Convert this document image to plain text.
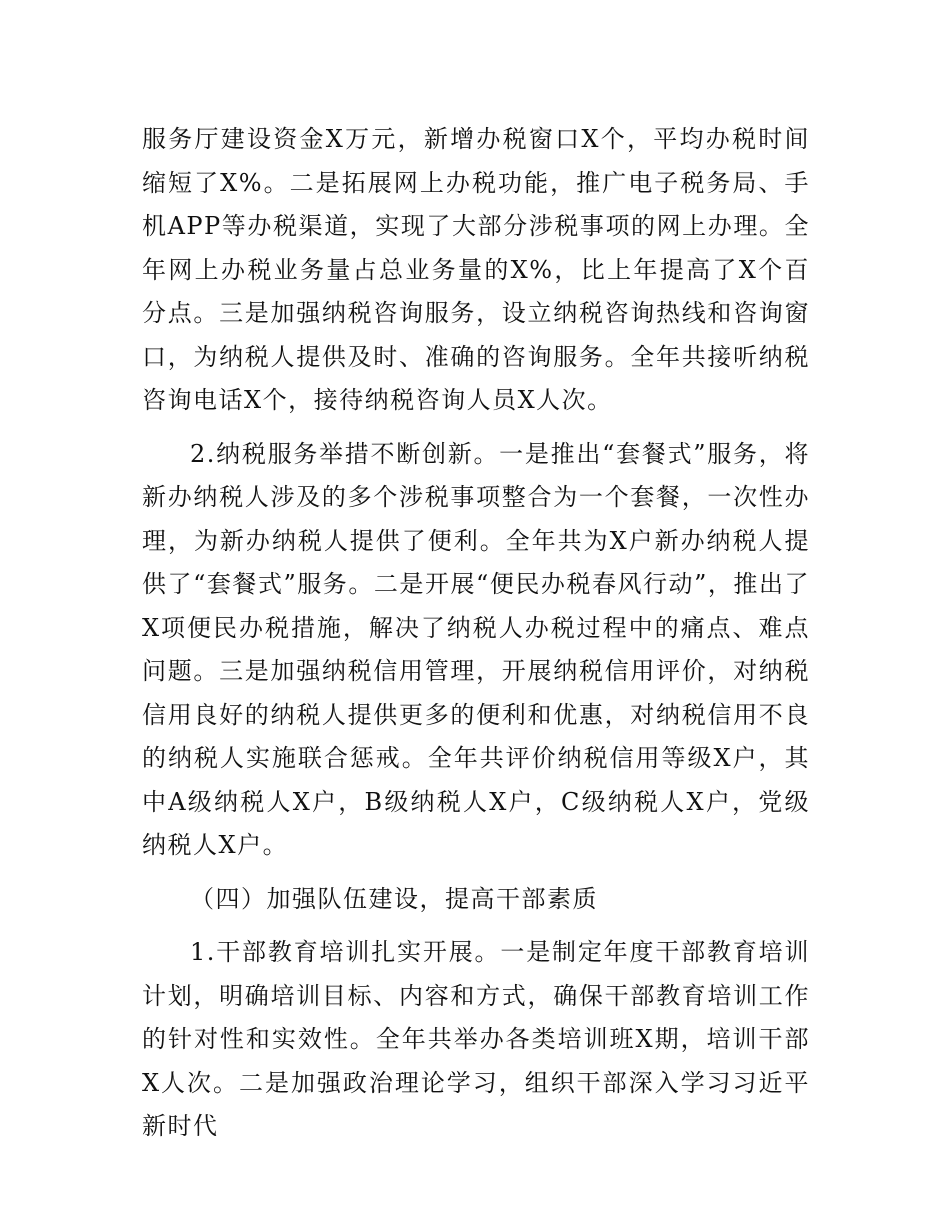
服务厅建设资金X万元，新增办税窗口X个，平均办税时间缩短了X%。二是拓展网上办税功能，推广电子税务局、手机APP等办税渠道，实现了大部分涉税事项的网上办理。全年网上办税业务量占总业务量的X%，比上年提高了X个百分点。三是加强纳税咨询服务，设立纳税咨询热线和咨询窗口，为纳税人提供及时、准确的咨询服务。全年共接听纳税咨询电话X个，接待纳税咨询人员X人次。

2.纳税服务举措不断创新。一是推出“套餐式”服务，将新办纳税人涉及的多个涉税事项整合为一个套餐，一次性办理，为新办纳税人提供了便利。全年共为X户新办纳税人提供了“套餐式”服务。二是开展“便民办税春风行动”，推出了X项便民办税措施，解决了纳税人办税过程中的痛点、难点问题。三是加强纳税信用管理，开展纳税信用评价，对纳税信用良好的纳税人提供更多的便利和优惠，对纳税信用不良的纳税人实施联合惩戒。全年共评价纳税信用等级X户，其中A级纳税人X户，B级纳税人X户，C级纳税人X户，党级纳税人X户。

（四）加强队伍建设，提高干部素质

1.干部教育培训扎实开展。一是制定年度干部教育培训计划，明确培训目标、内容和方式，确保干部教育培训工作的针对性和实效性。全年共举办各类培训班X期，培训干部X人次。二是加强政治理论学习，组织干部深入学习习近平新时代
